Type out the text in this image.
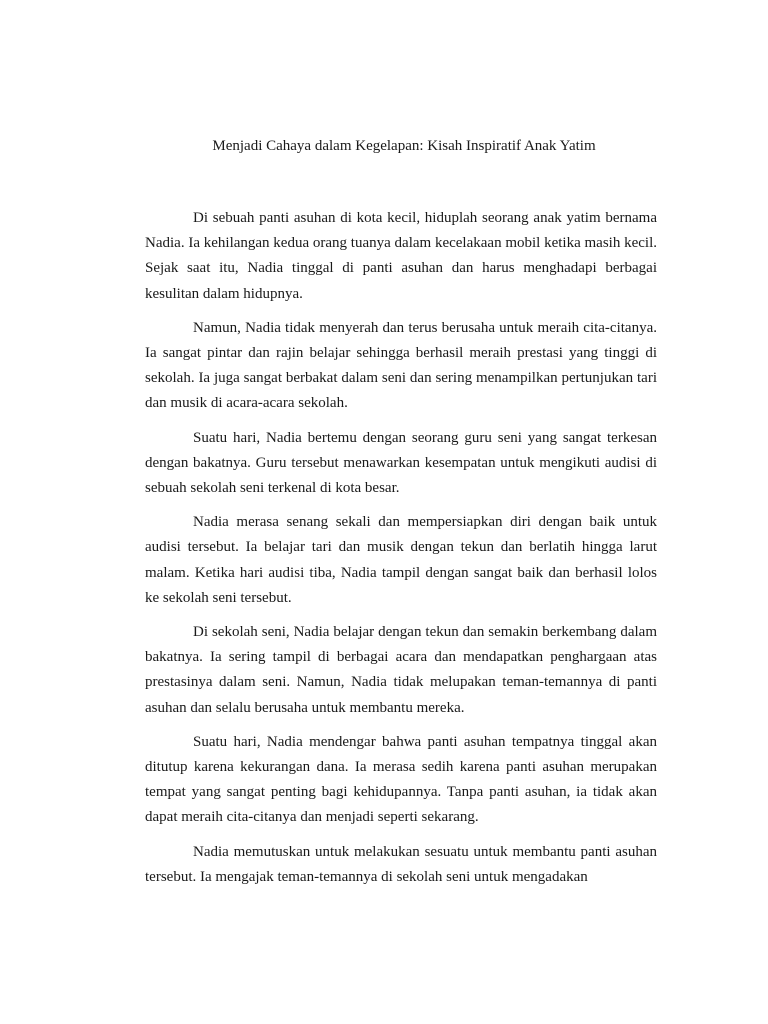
Menjadi Cahaya dalam Kegelapan: Kisah Inspiratif Anak Yatim

Di sebuah panti asuhan di kota kecil, hiduplah seorang anak yatim bernama Nadia. Ia kehilangan kedua orang tuanya dalam kecelakaan mobil ketika masih kecil. Sejak saat itu, Nadia tinggal di panti asuhan dan harus menghadapi berbagai kesulitan dalam hidupnya.

Namun, Nadia tidak menyerah dan terus berusaha untuk meraih cita-citanya. Ia sangat pintar dan rajin belajar sehingga berhasil meraih prestasi yang tinggi di sekolah. Ia juga sangat berbakat dalam seni dan sering menampilkan pertunjukan tari dan musik di acara-acara sekolah.

Suatu hari, Nadia bertemu dengan seorang guru seni yang sangat terkesan dengan bakatnya. Guru tersebut menawarkan kesempatan untuk mengikuti audisi di sebuah sekolah seni terkenal di kota besar.

Nadia merasa senang sekali dan mempersiapkan diri dengan baik untuk audisi tersebut. Ia belajar tari dan musik dengan tekun dan berlatih hingga larut malam. Ketika hari audisi tiba, Nadia tampil dengan sangat baik dan berhasil lolos ke sekolah seni tersebut.

Di sekolah seni, Nadia belajar dengan tekun dan semakin berkembang dalam bakatnya. Ia sering tampil di berbagai acara dan mendapatkan penghargaan atas prestasinya dalam seni. Namun, Nadia tidak melupakan teman-temannya di panti asuhan dan selalu berusaha untuk membantu mereka.

Suatu hari, Nadia mendengar bahwa panti asuhan tempatnya tinggal akan ditutup karena kekurangan dana. Ia merasa sedih karena panti asuhan merupakan tempat yang sangat penting bagi kehidupannya. Tanpa panti asuhan, ia tidak akan dapat meraih cita-citanya dan menjadi seperti sekarang.

Nadia memutuskan untuk melakukan sesuatu untuk membantu panti asuhan tersebut. Ia mengajak teman-temannya di sekolah seni untuk mengadakan
